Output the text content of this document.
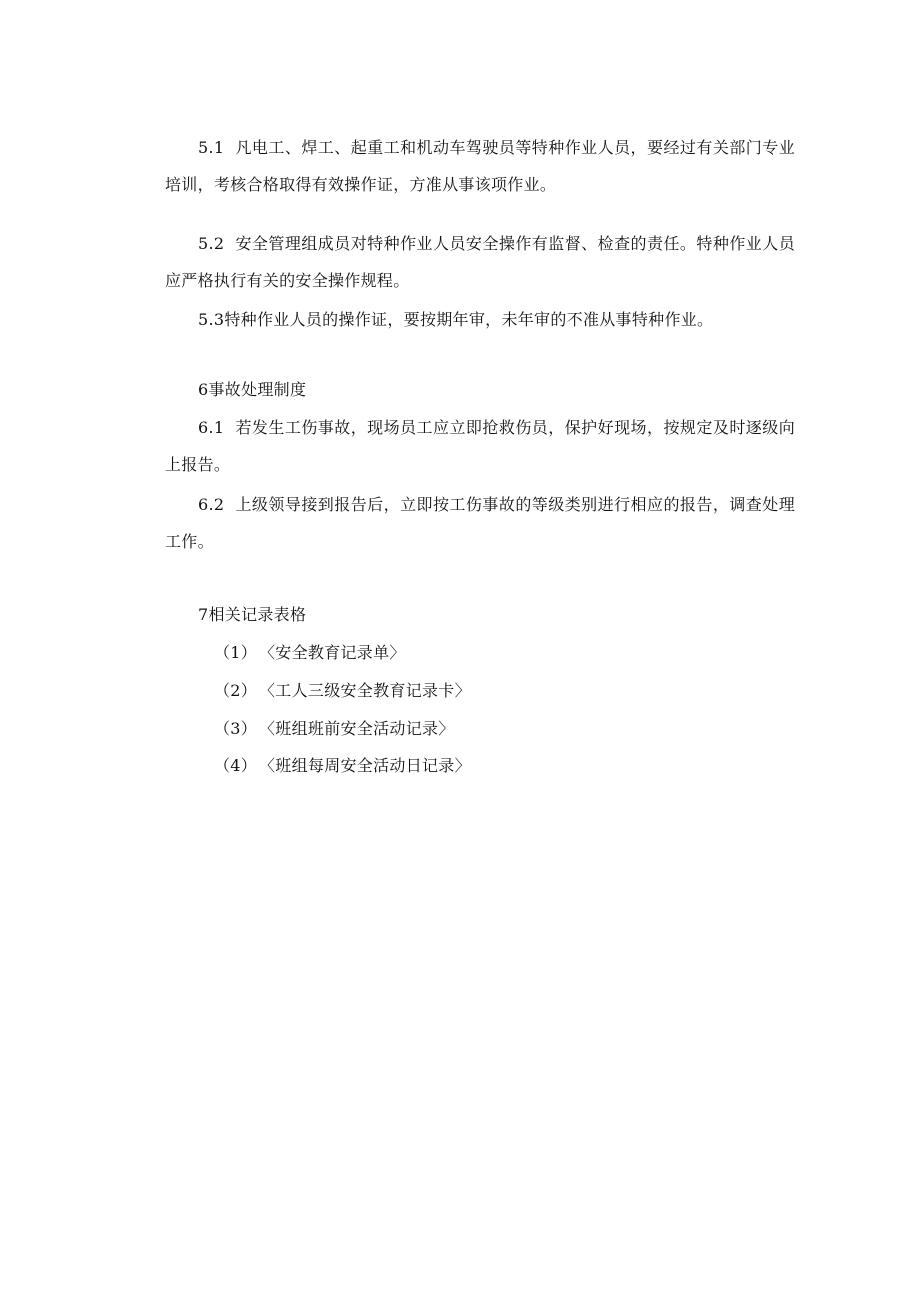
5.1 凡电工、焊工、起重工和机动车驾驶员等特种作业人员，要经过有关部门专业培训，考核合格取得有效操作证，方准从事该项作业。

5.2 安全管理组成员对特种作业人员安全操作有监督、检查的责任。特种作业人员应严格执行有关的安全操作规程。

5.3特种作业人员的操作证，要按期年审，未年审的不准从事特种作业。

6事故处理制度

6.1 若发生工伤事故，现场员工应立即抢救伤员，保护好现场，按规定及时逐级向上报告。

6.2 上级领导接到报告后，立即按工伤事故的等级类别进行相应的报告，调查处理工作。

7相关记录表格
（1） 〈安全教育记录单〉
（2） 〈工人三级安全教育记录卡〉
（3） 〈班组班前安全活动记录〉
（4） 〈班组每周安全活动日记录〉
